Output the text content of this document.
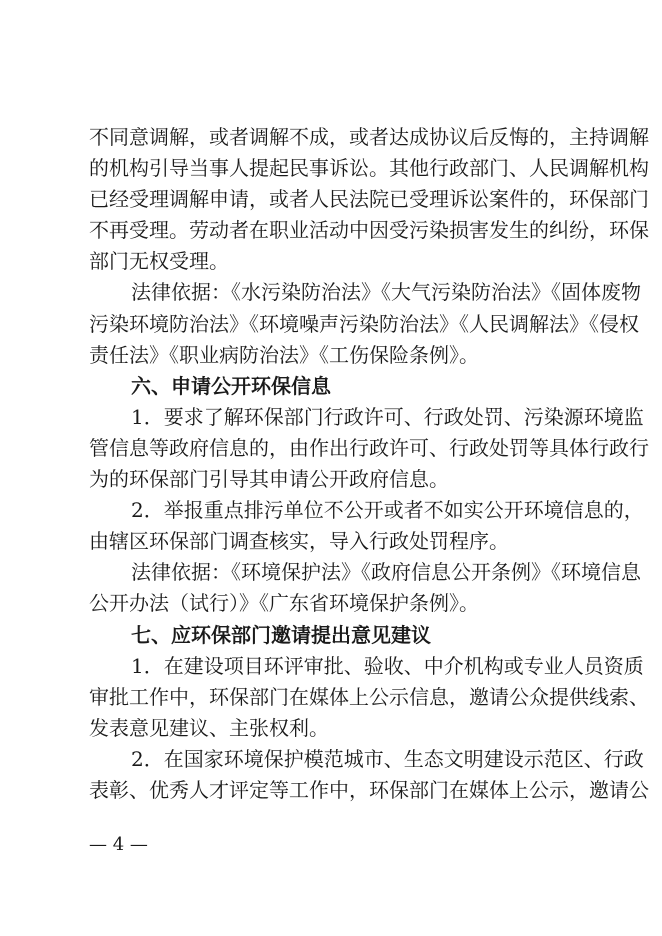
不同意调解，或者调解不成，或者达成协议后反悔的，主持调解
的机构引导当事人提起民事诉讼。其他行政部门、人民调解机构
已经受理调解申请，或者人民法院已受理诉讼案件的，环保部门
不再受理。劳动者在职业活动中因受污染损害发生的纠纷，环保
部门无权受理。
法律依据：《水污染防治法》《大气污染防治法》《固体废物
污染环境防治法》《环境噪声污染防治法》《人民调解法》《侵权
责任法》《职业病防治法》《工伤保险条例》。
六、申请公开环保信息
1．要求了解环保部门行政许可、行政处罚、污染源环境监
管信息等政府信息的，由作出行政许可、行政处罚等具体行政行
为的环保部门引导其申请公开政府信息。
2．举报重点排污单位不公开或者不如实公开环境信息的，
由辖区环保部门调查核实，导入行政处罚程序。
法律依据：《环境保护法》《政府信息公开条例》《环境信息
公开办法（试行）》《广东省环境保护条例》。
七、应环保部门邀请提出意见建议
1．在建设项目环评审批、验收、中介机构或专业人员资质
审批工作中，环保部门在媒体上公示信息，邀请公众提供线索、
发表意见建议、主张权利。
2．在国家环境保护模范城市、生态文明建设示范区、行政
表彰、优秀人才评定等工作中，环保部门在媒体上公示，邀请公
— 4 —
